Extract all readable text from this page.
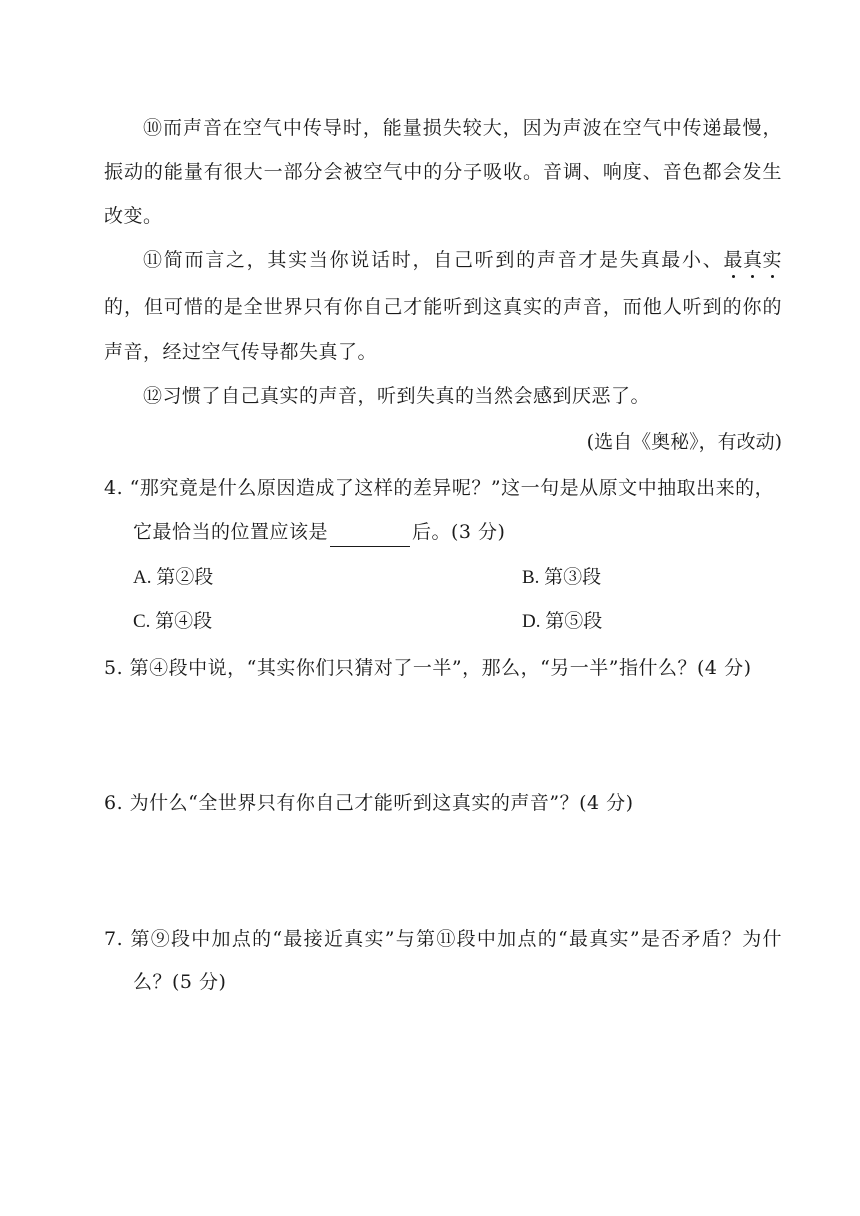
⑩而声音在空气中传导时，能量损失较大，因为声波在空气中传递最慢，
振动的能量有很大一部分会被空气中的分子吸收。音调、响度、音色都会发生
改变。
⑪简而言之，其实当你说话时，自己听到的声音才是失真最小、最真实
的，但可惜的是全世界只有你自己才能听到这真实的声音，而他人听到的你的
声音，经过空气传导都失真了。
⑫习惯了自己真实的声音，听到失真的当然会感到厌恶了。
(选自《奥秘》，有改动)
4. “那究竟是什么原因造成了这样的差异呢？”这一句是从原文中抽取出来的，
它最恰当的位置应该是	后。(3 分)
A. 第②段	B. 第③段
C. 第④段	D. 第⑤段
5. 第④段中说，“其实你们只猜对了一半”，那么，“另一半”指什么？(4 分)
6. 为什么“全世界只有你自己才能听到这真实的声音”？(4 分)
7. 第⑨段中加点的“最接近真实”与第⑪段中加点的“最真实”是否矛盾？为什
么？(5 分)
